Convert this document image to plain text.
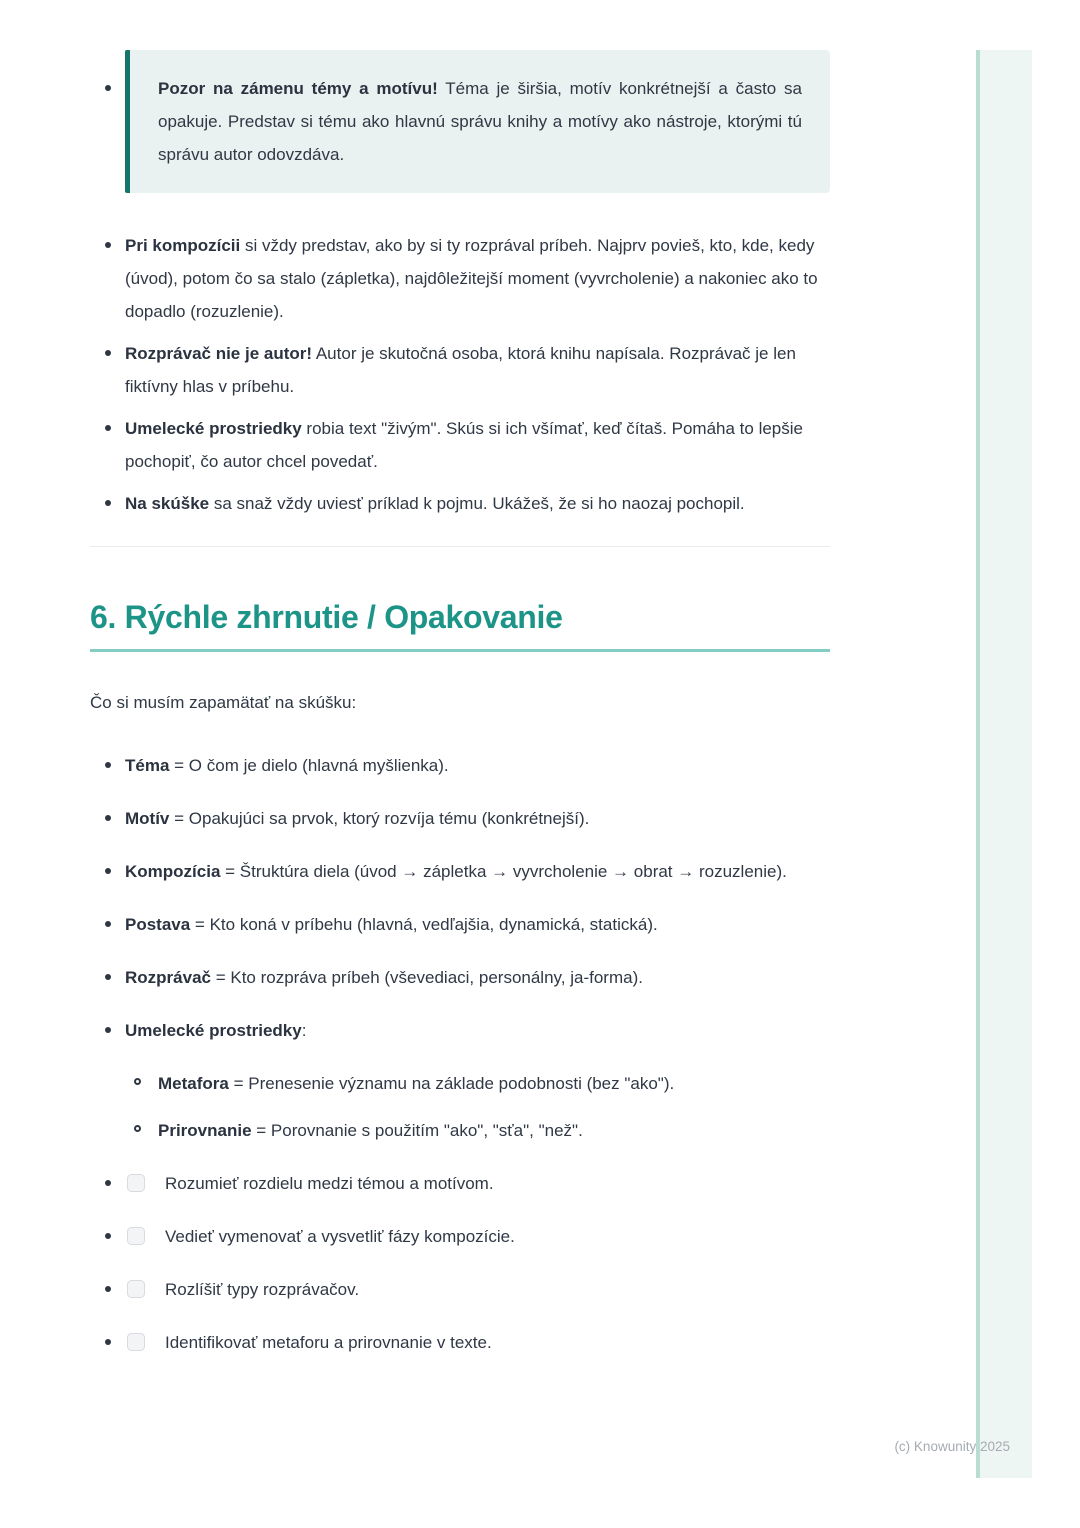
Pozor na zámenu témy a motívu! Téma je širšia, motív konkrétnejší a často sa opakuje. Predstav si tému ako hlavnú správu knihy a motívy ako nástroje, ktorými tú správu autor odovzdáva.
Pri kompozícii si vždy predstav, ako by si ty rozprával príbeh. Najprv povieš, kto, kde, kedy (úvod), potom čo sa stalo (zápletka), najdôležitejší moment (vyvrcholenie) a nakoniec ako to dopadlo (rozuzlenie).
Rozprávač nie je autor! Autor je skutočná osoba, ktorá knihu napísala. Rozprávač je len fiktívny hlas v príbehu.
Umelecké prostriedky robia text "živým". Skús si ich všímať, keď čítaš. Pomáha to lepšie pochopiť, čo autor chcel povedať.
Na skúške sa snaž vždy uviesť príklad k pojmu. Ukážeš, že si ho naozaj pochopil.
6. Rýchle zhrnutie / Opakovanie

Čo si musím zapamätať na skúšku:

Téma = O čom je dielo (hlavná myšlienka).
Motív = Opakujúci sa prvok, ktorý rozvíja tému (konkrétnejší).
Kompozícia = Štruktúra diela (úvod → zápletka → vyvrcholenie → obrat → rozuzlenie).
Postava = Kto koná v príbehu (hlavná, vedľajšia, dynamická, statická).
Rozprávač = Kto rozpráva príbeh (vševediaci, personálny, ja-forma).
Umelecké prostriedky:
Metafora = Prenesenie významu na základe podobnosti (bez "ako").
Prirovnanie = Porovnanie s použitím "ako", "sťa", "než".
Rozumieť rozdielu medzi témou a motívom.
Vedieť vymenovať a vysvetliť fázy kompozície.
Rozlíšiť typy rozprávačov.
Identifikovať metaforu a prirovnanie v texte.
(c) Knowunity 2025
